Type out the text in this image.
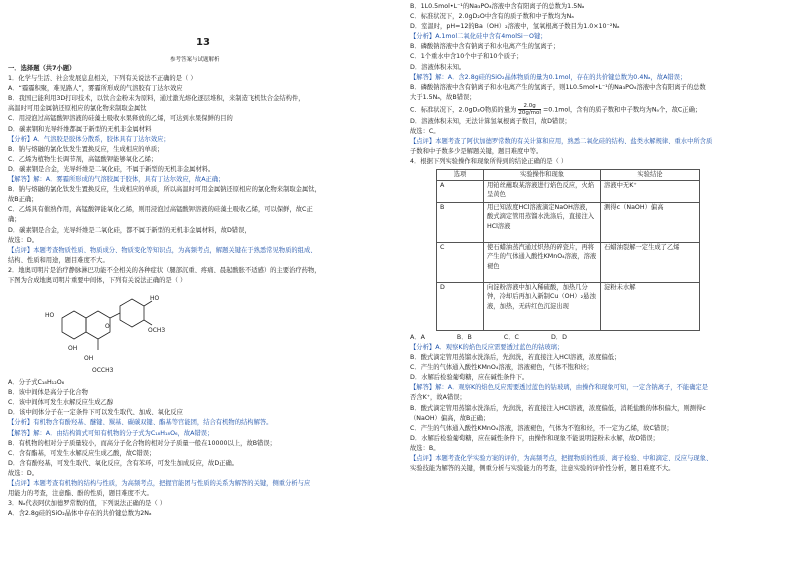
13
参考答案与试题解析
一．选择题（共7小题）
1．化学与生活、社会发展息息相关，下列有关说法不正确的是（ ）
A．“霾霾积聚，难见路人”，雾霾所形成的气溶胶有丁达尔效应
B．我国已能利用3D打印技术，以钛合金粉末为原料，通过激光熔化逐层堆积，来制造飞机钛合金结构件，
高温时可用金属钠还原相应的氯化物来制取金属钛
C．用浸泡过高锰酸钾溶液的硅藻土吸收水果释放的乙烯，可达到水果保鲜的目的
D．碳素钢和光导纤维都属于新型的无机非金属材料
【分析】A．气溶胶是胶体分散系，胶体具有丁达尔效应；
B．钠与熔融的氯化钛发生置换反应，生成相应的单质；
C．乙烯为植物生长调节剂，高锰酸钾能够氧化乙烯；
D．碳素钢是合金，光导纤维是二氧化硅，不属于新型的无机非金属材料。
【解答】解：A．雾霾所形成的气溶胶属于胶体，具有丁达尔效应，故A正确；
B．钠与熔融的氯化钛发生置换反应，生成相应的单质，所以高温时可用金属钠还原相应的氯化物来制取金属钛，
故B正确；
C．乙烯具有催熟作用，高锰酸钾能氧化乙烯，则用浸泡过高锰酸钾溶液的硅藻土吸收乙烯，可以保鲜，故C正
确；
D．碳素钢是合金，光导纤维是二氧化硅，都不属于新型的无机非金属材料，故D错误，
故选：D。
【点评】本题考查物质性质、物质成分、物质变化等知识点，为高频考点，解题关键在于熟悉常见物质的组成、
结构、性质和用途，题目难度不大。
2．地奥司明片是治疗静脉淋巴功能不全相关的各种症状（腿部沉重、疼痛、晨起酸胀不适感）的主要治疗药物，
下图为合成地奥司明片重要中间体，下列有关说法正确的是（ ）
HO
OH
HO
OCH3
OH
OCCH3
O
A．分子式C₁₈H₁₂O₆
B．该中间体是高分子化合物
C．该中间体可发生水解反应生成乙醇
D．该中间体分子在一定条件下可以发生取代、加成、氧化反应
【分析】有机物含有酚羟基、醚键、羰基、碳碳双键、酯基等官能团，结合有机物的结构解答。
【解答】解：A．由结构简式可知有机物的分子式为C₁₈H₁₈O₆，故A错误；
B．有机物的相对分子质量较小，而高分子化合物的相对分子质量一般在10000以上，故B错误；
C．含有酯基，可发生水解反应生成乙酸，故C错误；
D．含有酚羟基，可发生取代、氧化反应，含有苯环，可发生加成反应，故D正确。
故选：D。
【点评】本题考查有机物的结构与性质，为高频考点，把握官能团与性质的关系为解答的关键，侧重分析与应
用能力的考查，注意酯、酚的性质，题目难度不大。
3．Nₐ代表阿伏加德罗常数的值，下列说法正确的是（ ）
A．含2.8g硅的SiO₂晶体中存在的共价键总数为2Nₐ
B．1L0.5mol•L⁻¹的Na₃PO₄溶液中含有阳离子的总数为1.5Nₐ
C．标准状况下，2.0gD₂O中含有的质子数和中子数均为Nₐ
D．室温时，pH=12的Ba（OH）₂溶液中，氢氧根离子数目为1.0×10⁻²Nₐ
【分析】A.1mol二氧化硅中含有4molSi－O键；
B．磷酸钠溶液中含有钠离子和水电离产生的氢离子；
C．1个重水中含10个中子和10个质子；
D．溶液体积未知。
【解答】解：A．含2.8g硅的SiO₂晶体物质的量为0.1mol，存在的共价键总数为0.4Nₐ，故A错误；
B．磷酸钠溶液中含有钠离子和水电离产生的氢离子，则1L0.5mol•L⁻¹的Na₃PO₄溶液中含有阳离子的总数
大于1.5Nₐ，故B错误；
C．标准状况下，2.0gD₂O物质的量为 $\frac{2.0g}{\text{20g/mol}} =0.1mol$，含有的质子数和中子数均为Nₐ个，故C正确；
D．溶液体积未知，无法计算氢氧根离子数目，故D错误；
故选：C。
【点评】本题考查了阿伏加德罗常数的有关计算和应用，熟悉二氧化硅的结构、盐类水解规律、重水中所含质
子数和中子数多少是解题关键，题目难度中等。
4．根据下列实验操作和现象所得到的结论正确的是（ ）
选项	实验操作和现象	实验结论
A	用铂丝蘸取某溶液进行焰色反应，火焰呈黄色	溶液中无K⁺
B	用已知浓度HCl溶液滴定NaOH溶液，酸式滴定管用蒸馏水洗涤后，直接注入HCl溶液	测得c（NaOH）偏高
C	使石蜡油蒸汽通过炽热的碎瓷片，再将产生的气体通入酸性KMnO₄溶液，溶液褪色	石蜡油裂解一定生成了乙烯
D	向淀粉溶液中加入稀硫酸，加热几分钟，冷却后再加入新制Cu（OH）₂悬浊液，加热，无砖红色沉淀出现	淀粉未水解
A．A	B．B	C．C	D．D
【分析】A．观察K的焰色反应需要透过蓝色的钴玻璃；
B．酸式滴定管用蒸馏水洗涤后，先润洗，若直接注入HCl溶液，浓度偏低；
C．产生的气体通入酸性KMnO₄溶液，溶液褪色，气体不饱和烃；
D．水解后检验葡萄糖，应在碱性条件下。
【解答】解：A．观察K的焰色反应需要透过蓝色的钴玻璃，由操作和现象可知，一定含钠离子，不能确定是
否含K⁺，故A错误；
B．酸式滴定管用蒸馏水洗涤后，先润洗，若直接注入HCl溶液，浓度偏低，消耗盐酸的体积偏大，则测得c
（NaOH）偏高，故B正确；
C．产生的气体通入酸性KMnO₄溶液，溶液褪色，气体为不饱和烃，不一定为乙烯，故C错误；
D．水解后检验葡萄糖，应在碱性条件下，由操作和现象不能说明淀粉未水解，故D错误；
故选：B。
【点评】本题考查化学实验方案的评价，为高频考点，把握物质的性质、离子检验、中和滴定、反应与现象、
实验技能为解答的关键，侧重分析与实验能力的考查，注意实验的评价性分析，题目难度不大。
